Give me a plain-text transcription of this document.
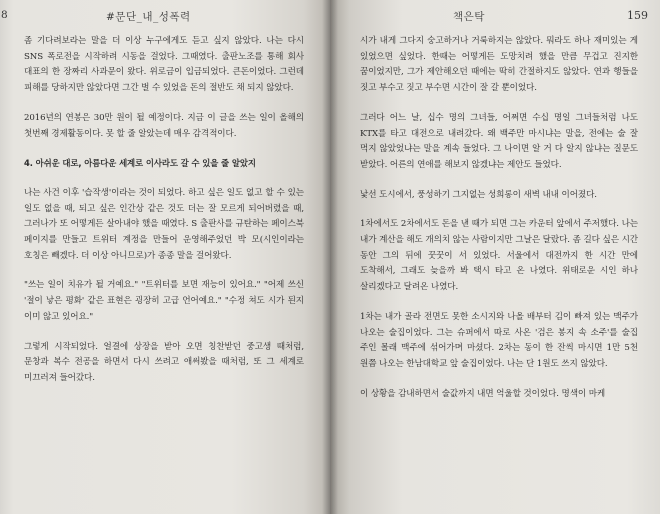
8	#문단_내_성폭력

좀 기다려보라는 말을 더 이상 누구에게도 듣고 싶지 않았다. 나는 다시 SNS 폭로전을 시작하려 시동을 걸었다. 그때였다. 출판노조를 통해 회사 대표의 한 장짜리 사과문이 왔다. 위로금이 입금되었다. 큰돈이었다. 그런데 피해를 당하지만 않았다면 그간 벌 수 있었을 돈의 절반도 채 되지 않았다.

2016년의 연봉은 30만 원이 될 예정이다. 지금 이 글을 쓰는 일이 올해의 첫번째 경제활동이다. 못 할 줄 알았는데 매우 감격적이다.

4. 아쉬운 대로, 아름다운 세계로 이사라도 갈 수 있을 줄 알았지

나는 사건 이후 '습작생'이라는 것이 되었다. 하고 싶은 일도 없고 할 수 있는 일도 없을 때, 되고 싶은 인간상 같은 것도 더는 잘 모르게 되어버렸을 때, 그러나가 또 어떻게든 살아내야 했을 때였다. S 출판사를 규탄하는 페이스북 페이지를 만들고 트위터 계정을 만들어 운영해주었던 박 모(시인이라는 호칭은 빼겠다. 더 이상 아니므로)가 종종 말을 걸어왔다.

"쓰는 일이 치유가 될 거예요." "트위터를 보면 재능이 있어요." "어제 쓰신 '절이 낳은 평화' 같은 표현은 굉장히 고급 언어예요." "수정 쳐도 시가 된지 이미 않고 있어요."

그렇게 시작되었다. 얼결에 상장을 받아 오면 칭찬받던 중고생 때처럼, 문창과 복수 전공을 하면서 다시 쓰려고 애써봤을 때처럼, 또 그 세계로 미끄러져 들어갔다.

책은탁	159

시가 내게 그다지 숭고하거나 거룩하지는 않았다. 뭐라도 하나 재미있는 게 있었으면 싶었다. 한때는 어떻게든 도망치려 했을 만큼 무겁고 진지한 꿈이었지만, 그가 제안해오던 때에는 딱히 간절하지도 않았다. 연과 행들을 짓고 부수고 짓고 부수면 시간이 잘 갈 뿐이었다.

그러다 어느 날, 십수 명의 그녀들, 어쩌면 수십 명일 그녀들처럼 나도 KTX를 타고 대전으로 내려갔다. 왜 백주만 마시냐는 말을, 전에는 술 잘 먹지 않았었냐는 말을 계속 들었다. 그 나이면 알 거 다 알지 않냐는 질문도 받았다. 어른의 연애를 해보지 않겠냐는 제안도 들었다.

낯선 도시에서, 풍성하기 그지없는 성희롱이 새벽 내내 이어졌다.

1차에서도 2차에서도 돈을 낸 때가 되면 그는 카운터 앞에서 주저했다. 나는 내가 계산을 해도 개의치 않는 사람이지만 그날은 달랐다. 좀 길다 싶은 시간 동안 그의 뒤에 꿋꿋이 서 있었다. 서울에서 대전까지 한 시간 만에 도착해서, 그래도 늦을까 봐 택시 타고 온 나였다. 위태로운 시인 하나 살리겠다고 달려온 나였다.

1차는 내가 골라 전면도 못한 소시지와 나올 배부터 김이 빠져 있는 맥주가 나오는 술집이었다. 그는 슈퍼에서 따로 사온 '검은 봉지 속 소주'를 술집 주인 몰래 맥주에 섞어가며 마셨다. 2차는 동이 한 잔씩 마시면 1만 5천 원쯤 나오는 한남대학교 앞 술집이었다. 나는 단 1원도 쓰지 않았다.

이 상황을 감내하면서 술값까지 내면 억울할 것이었다. 명색이 마케
